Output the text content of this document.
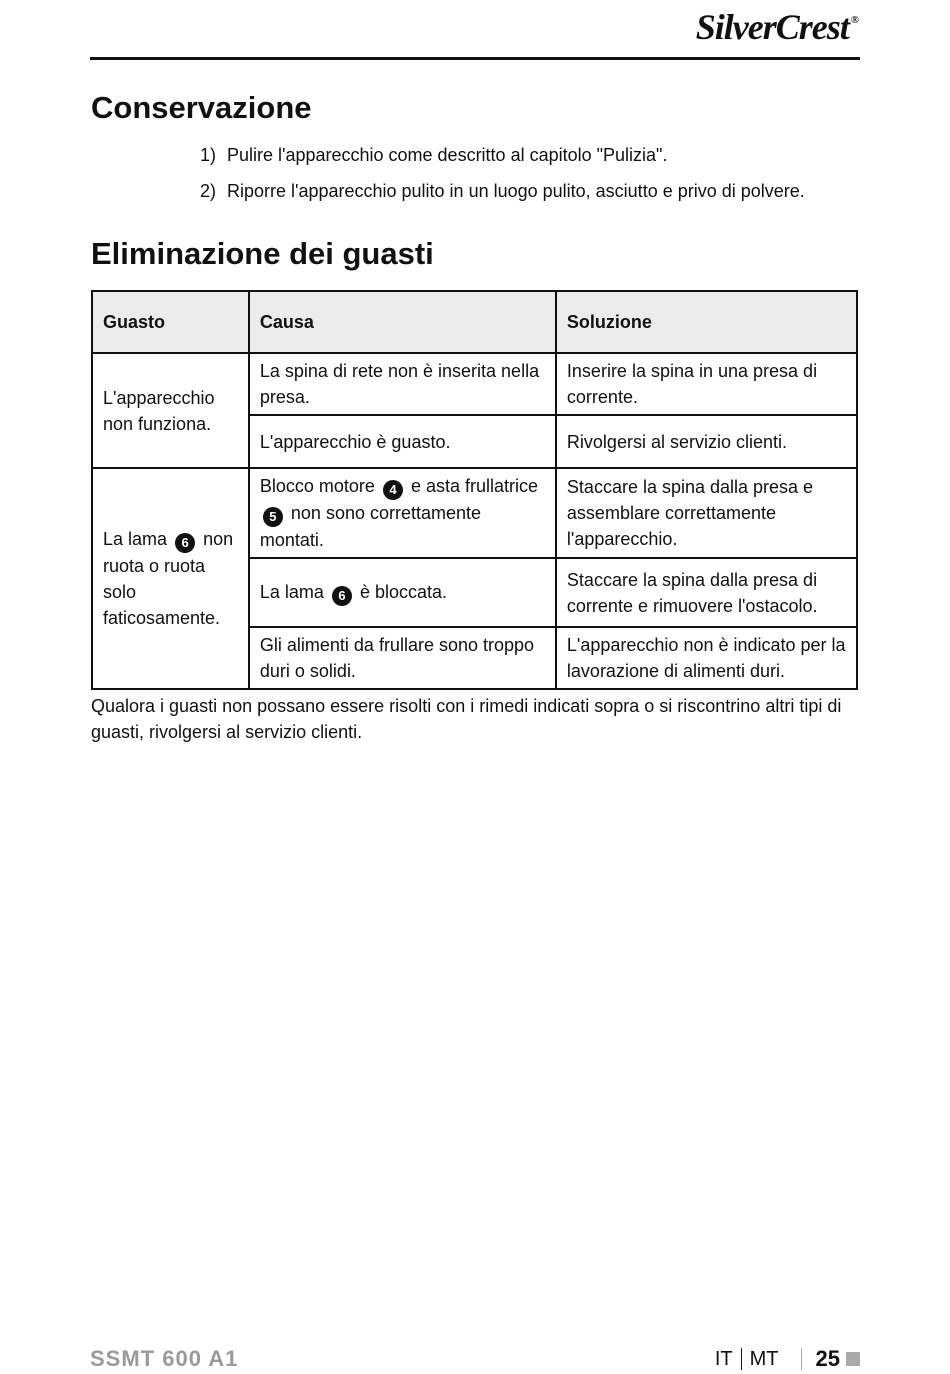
SilverCrest ®
Conservazione
1) Pulire l'apparecchio come descritto al capitolo "Pulizia".
2) Riporre l'apparecchio pulito in un luogo pulito, asciutto e privo di polvere.
Eliminazione dei guasti
Guasto	Causa	Soluzione
L'apparecchio non funziona.	La spina di rete non è inserita nella presa.	Inserire la spina in una presa di corrente.
	L'apparecchio è guasto.	Rivolgersi al servizio clienti.
La lama 6 non ruota o ruota solo faticosamente.	Blocco motore 4 e asta frullatrice 5 non sono correttamente montati.	Staccare la spina dalla presa e assemblare correttamente l'apparecchio.
	La lama 6 è bloccata.	Staccare la spina dalla presa di corrente e rimuovere l'ostacolo.
	Gli alimenti da frullare sono troppo duri o solidi.	L'apparecchio non è indicato per la lavorazione di alimenti duri.

Qualora i guasti non possano essere risolti con i rimedi indicati sopra o si riscontrino altri tipi di guasti, rivolgersi al servizio clienti.

SSMT 600 A1	IT MT 25
